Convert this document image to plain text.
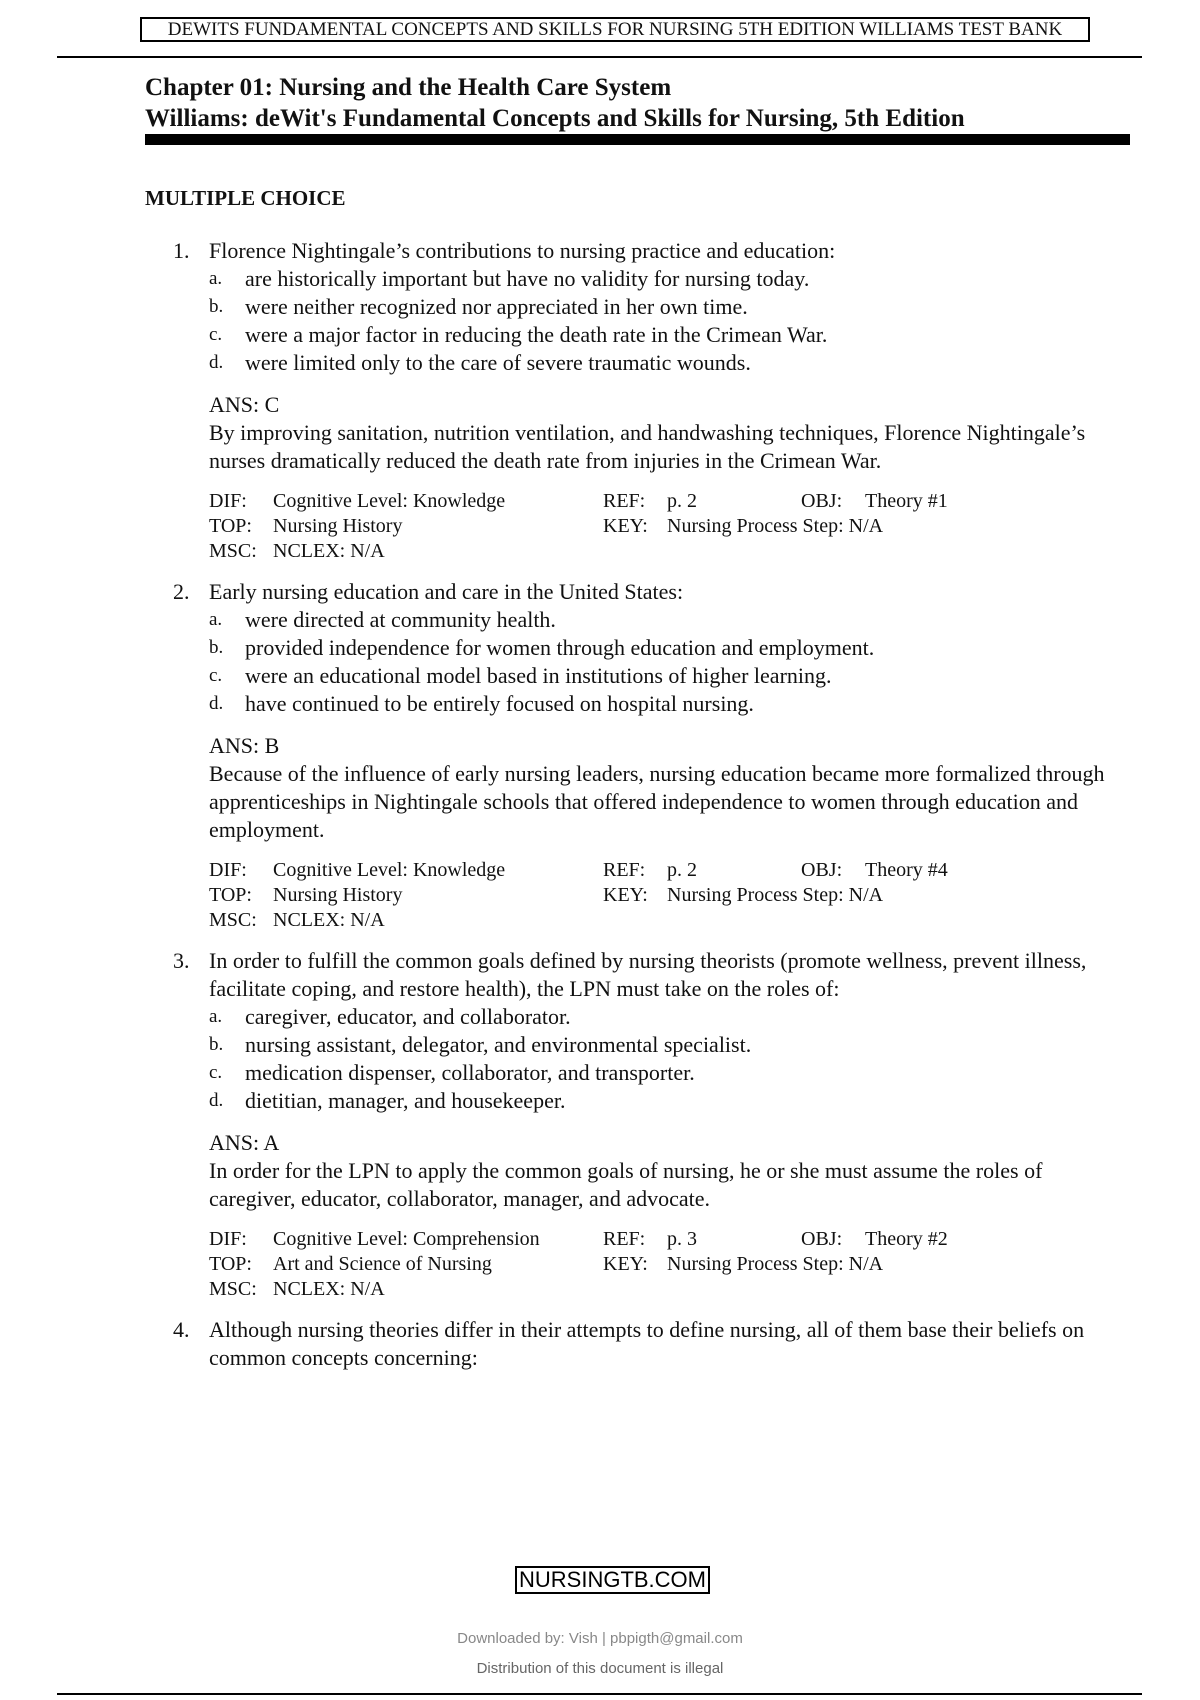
DEWITS FUNDAMENTAL CONCEPTS AND SKILLS FOR NURSING 5TH EDITION WILLIAMS TEST BANK
Chapter 01: Nursing and the Health Care System
Williams: deWit's Fundamental Concepts and Skills for Nursing, 5th Edition
MULTIPLE CHOICE
1. Florence Nightingale’s contributions to nursing practice and education:

a. are historically important but have no validity for nursing today.
b. were neither recognized nor appreciated in her own time.
c. were a major factor in reducing the death rate in the Crimean War.
d. were limited only to the care of severe traumatic wounds.
ANS: C
By improving sanitation, nutrition ventilation, and handwashing techniques, Florence Nightingale’s nurses dramatically reduced the death rate from injuries in the Crimean War.
DIF: Cognitive Level: Knowledge	REF: p. 2	OBJ: Theory #1
TOP: Nursing History	KEY: Nursing Process Step: N/A
MSC: NCLEX: N/A
2. Early nursing education and care in the United States:

a. were directed at community health.
b. provided independence for women through education and employment.
c. were an educational model based in institutions of higher learning.
d. have continued to be entirely focused on hospital nursing.
ANS: B
Because of the influence of early nursing leaders, nursing education became more formalized through apprenticeships in Nightingale schools that offered independence to women through education and employment.
DIF: Cognitive Level: Knowledge	REF: p. 2	OBJ: Theory #4
TOP: Nursing History	KEY: Nursing Process Step: N/A
MSC: NCLEX: N/A
3. In order to fulfill the common goals defined by nursing theorists (promote wellness, prevent illness, facilitate coping, and restore health), the LPN must take on the roles of:

a. caregiver, educator, and collaborator.
b. nursing assistant, delegator, and environmental specialist.
c. medication dispenser, collaborator, and transporter.
d. dietitian, manager, and housekeeper.
ANS: A
In order for the LPN to apply the common goals of nursing, he or she must assume the roles of caregiver, educator, collaborator, manager, and advocate.
DIF: Cognitive Level: Comprehension	REF: p. 3	OBJ: Theory #2
TOP: Art and Science of Nursing	KEY: Nursing Process Step: N/A
MSC: NCLEX: N/A
4. Although nursing theories differ in their attempts to define nursing, all of them base their beliefs on common concepts concerning:

NURSINGTB.COM
Downloaded by: Vish | pbpigth@gmail.com
Distribution of this document is illegal
